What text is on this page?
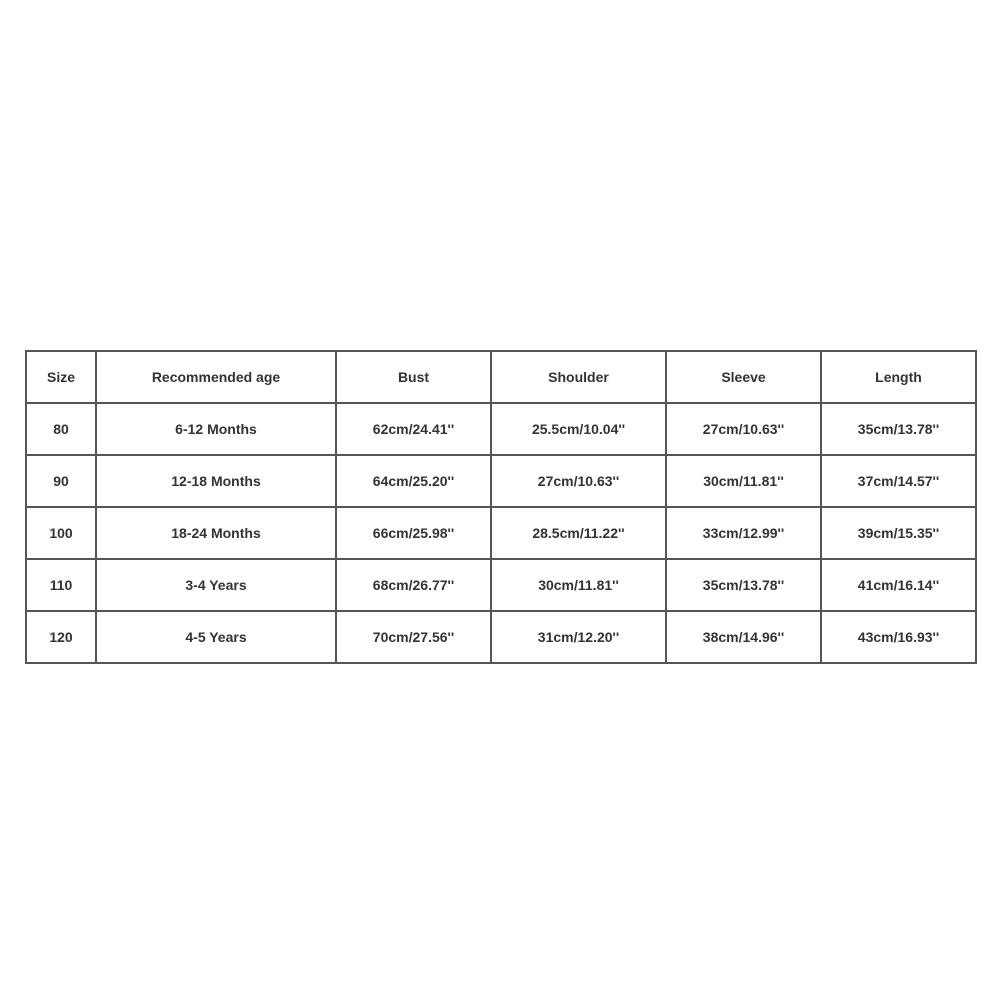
Size	Recommended age	Bust	Shoulder	Sleeve	Length
80	6-12 Months	62cm/24.41''	25.5cm/10.04''	27cm/10.63''	35cm/13.78''
90	12-18 Months	64cm/25.20''	27cm/10.63''	30cm/11.81''	37cm/14.57''
100	18-24 Months	66cm/25.98''	28.5cm/11.22''	33cm/12.99''	39cm/15.35''
110	3-4 Years	68cm/26.77''	30cm/11.81''	35cm/13.78''	41cm/16.14''
120	4-5 Years	70cm/27.56''	31cm/12.20''	38cm/14.96''	43cm/16.93''
